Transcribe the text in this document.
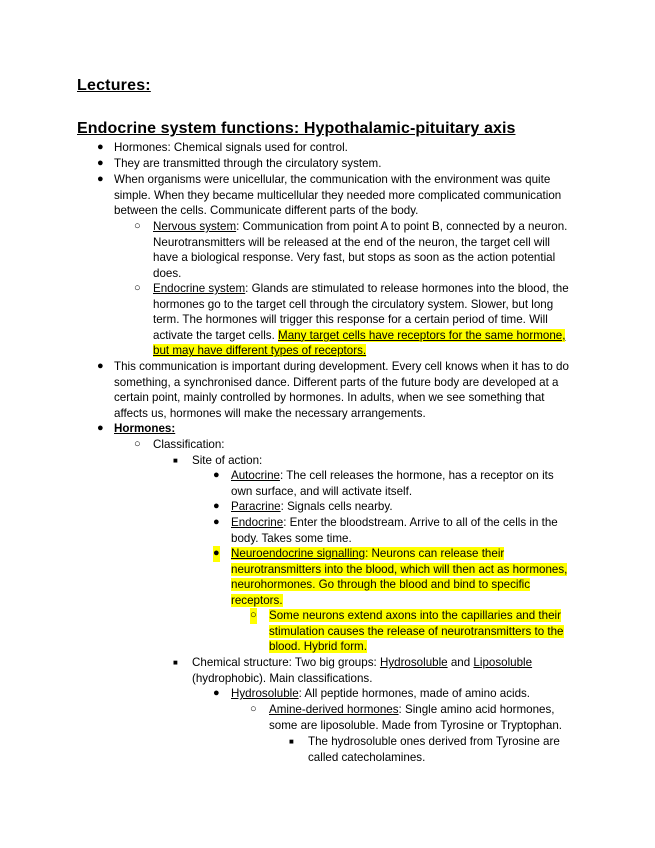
Lectures:
Endocrine system functions: Hypothalamic-pituitary axis
● Hormones: Chemical signals used for control.
● They are transmitted through the circulatory system.
● When organisms were unicellular, the communication with the environment was quite
simple. When they became multicellular they needed more complicated communication
between the cells. Communicate different parts of the body.
○ Nervous system: Communication from point A to point B, connected by a neuron.
Neurotransmitters will be released at the end of the neuron, the target cell will
have a biological response. Very fast, but stops as soon as the action potential
does.
○ Endocrine system: Glands are stimulated to release hormones into the blood, the
hormones go to the target cell through the circulatory system. Slower, but long
term. The hormones will trigger this response for a certain period of time. Will
activate the target cells. Many target cells have receptors for the same hormone,
but may have different types of receptors.
● This communication is important during development. Every cell knows when it has to do
something, a synchronised dance. Different parts of the future body are developed at a
certain point, mainly controlled by hormones. In adults, when we see something that
affects us, hormones will make the necessary arrangements.
● Hormones:
○ Classification:
■ Site of action:
● Autocrine: The cell releases the hormone, has a receptor on its
own surface, and will activate itself.
● Paracrine: Signals cells nearby.
● Endocrine: Enter the bloodstream. Arrive to all of the cells in the
body. Takes some time.
● Neuroendocrine signalling: Neurons can release their
neurotransmitters into the blood, which will then act as hormones,
neurohormones. Go through the blood and bind to specific
receptors.
○ Some neurons extend axons into the capillaries and their
stimulation causes the release of neurotransmitters to the
blood. Hybrid form.
■ Chemical structure: Two big groups: Hydrosoluble and Liposoluble
(hydrophobic). Main classifications.
● Hydrosoluble: All peptide hormones, made of amino acids.
○ Amine-derived hormones: Single amino acid hormones,
some are liposoluble. Made from Tyrosine or Tryptophan.
■ The hydrosoluble ones derived from Tyrosine are
called catecholamines.
